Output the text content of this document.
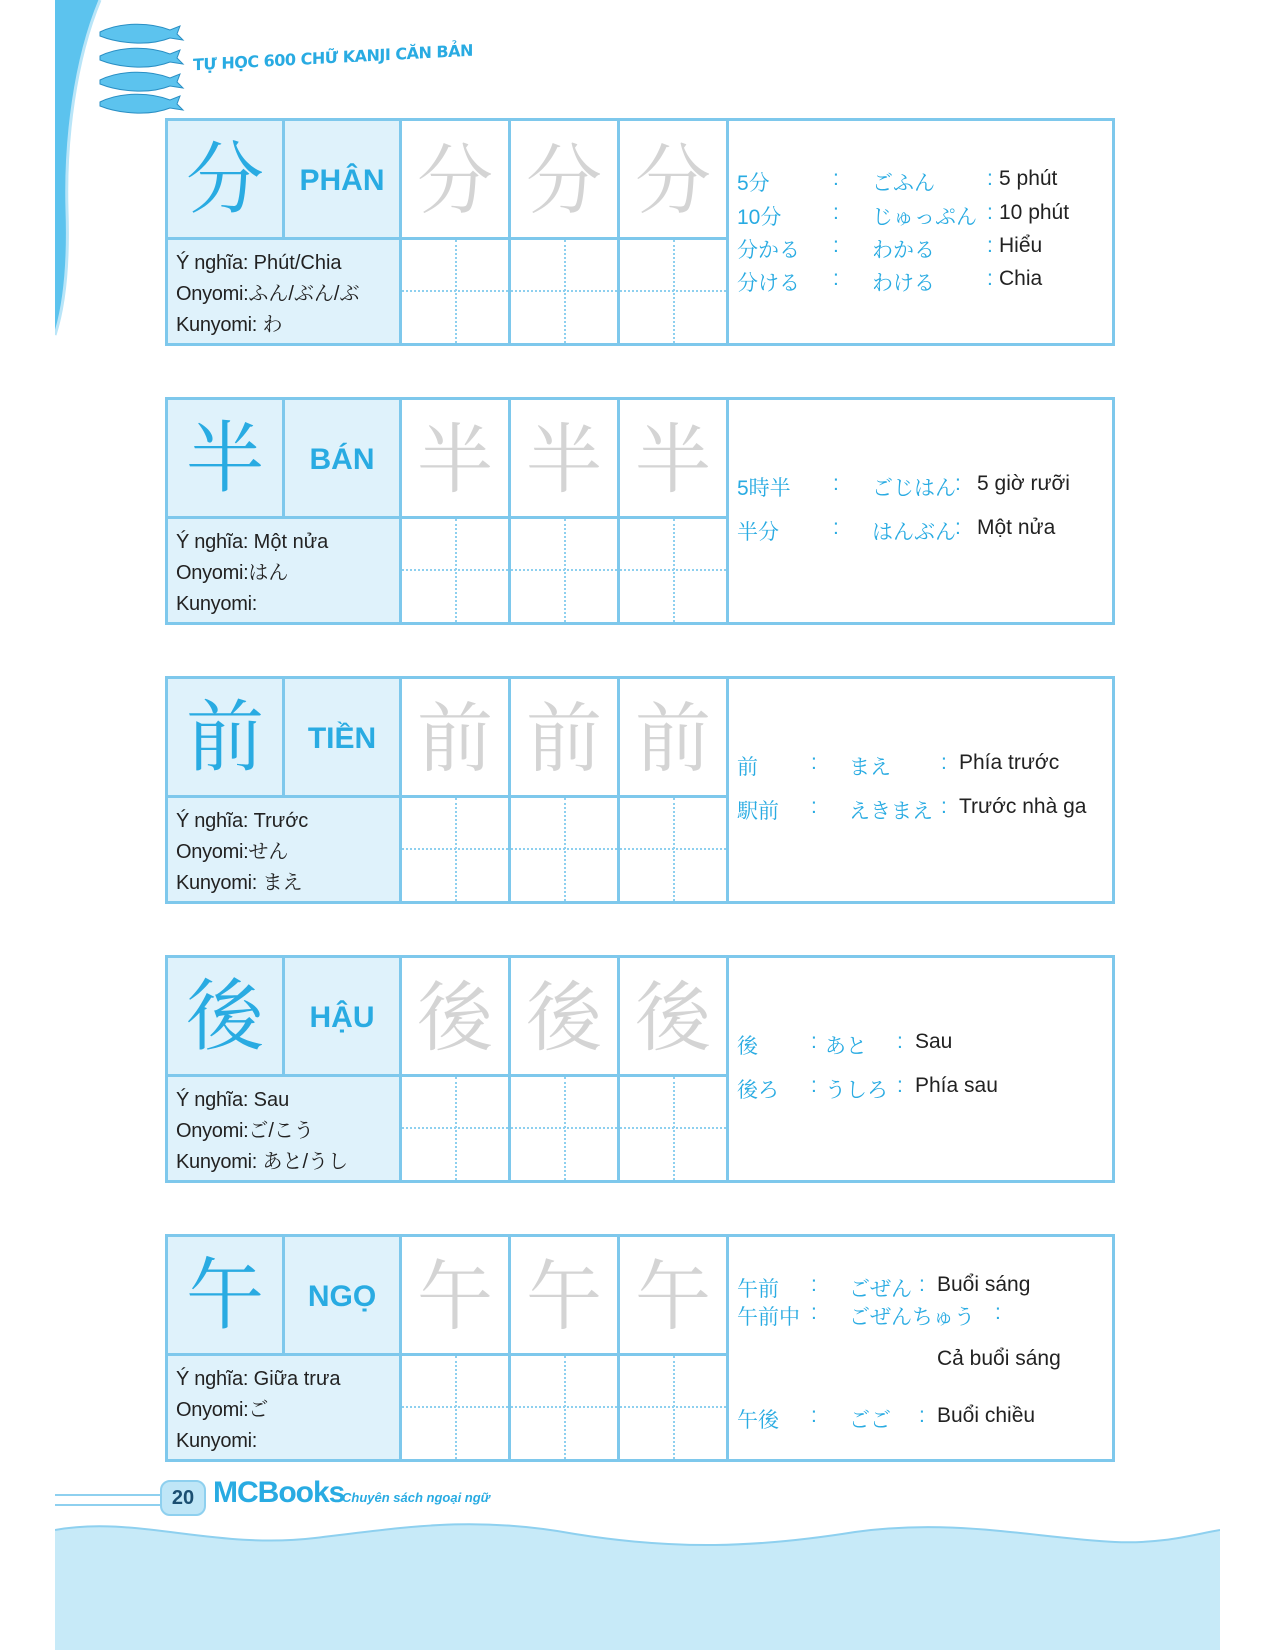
TỰ HỌC 600 CHỮ KANJI CĂN BẢN
分	PHÂN
Ý nghĩa: Phút/Chia
Onyomi:ふん/ぶん/ぶ
Kunyomi: わ
分 分 分	5分	: ごふん : 5 phút
10分 : じゅっぷん : 10 phút
分かる : わかる : Hiểu
分ける : わける : Chia
半	BÁN
Ý nghĩa: Một nửa
Onyomi:はん
Kunyomi:
半 半 半	5時半 : ごじはん : 5 giờ rưỡi
半分	: はんぶん : Một nửa
前	TIỀN
Ý nghĩa: Trước
Onyomi:せん
Kunyomi: まえ
前 前 前	前	: まえ : Phía trước
駅前 : えきまえ : Trước nhà ga
後	HẬU
Ý nghĩa: Sau
Onyomi:ご/こう
Kunyomi: あと/うし
後 後 後	後	: あと : Sau
後ろ : うしろ : Phía sau
午	NGỌ
Ý nghĩa: Giữa trưa
Onyomi:ご
Kunyomi:
午 午 午	午前 : ごぜん : Buổi sáng
午前中 : ごぜんちゅう :
Cả buổi sáng
午後 : ごご : Buổi chiều
20 MCBooks
Chuyên sách ngoại ngữ
